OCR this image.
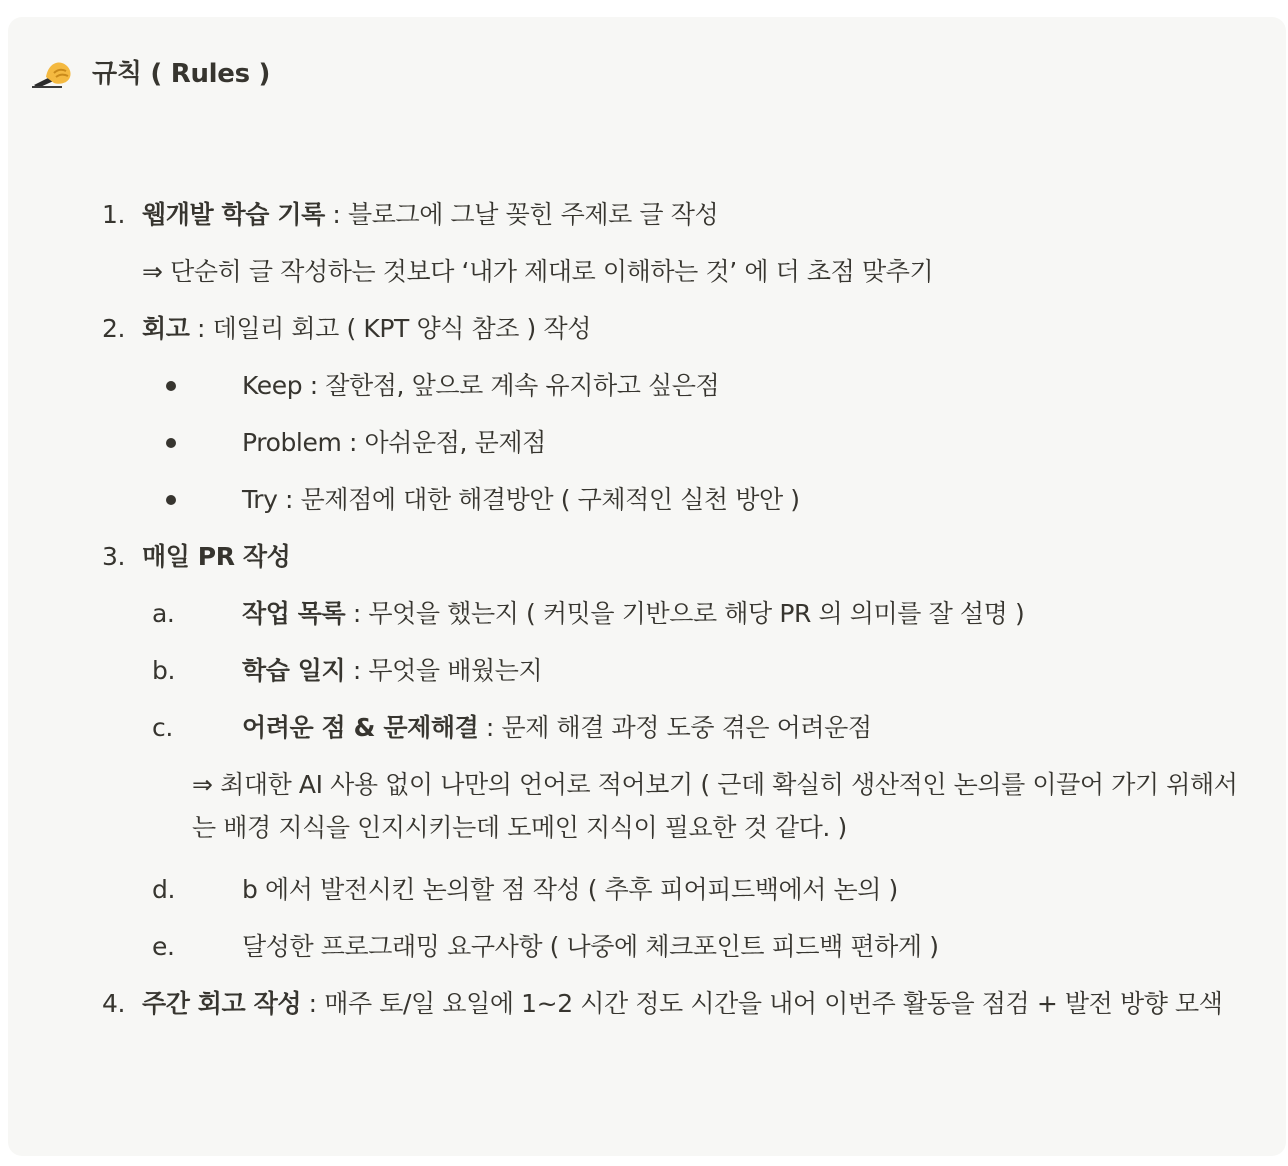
규칙 ( Rules )
1. 웹개발 학습 기록 : 블로그에 그날 꽂힌 주제로 글 작성
⇒ 단순히 글 작성하는 것보다 ‘내가 제대로 이해하는 것’ 에 더 초점 맞추기
2. 회고 : 데일리 회고 ( KPT 양식 참조 ) 작성
Keep : 잘한점, 앞으로 계속 유지하고 싶은점
Problem : 아쉬운점, 문제점
Try : 문제점에 대한 해결방안 ( 구체적인 실천 방안 )
3. 매일 PR 작성
a.	작업 목록 : 무엇을 했는지 ( 커밋을 기반으로 해당 PR 의 의미를 잘 설명 )
b.	학습 일지 : 무엇을 배웠는지
c.	어려운 점 & 문제해결 : 문제 해결 과정 도중 겪은 어려운점
⇒ 최대한 AI 사용 없이 나만의 언어로 적어보기 ( 근데 확실히 생산적인 논의를 이끌어 가기 위해서는 배경 지식을 인지시키는데 도메인 지식이 필요한 것 같다. )
d.	b 에서 발전시킨 논의할 점 작성 ( 추후 피어피드백에서 논의 )
e.	달성한 프로그래밍 요구사항 ( 나중에 체크포인트 피드백 편하게 )
4. 주간 회고 작성 : 매주 토/일 요일에 1~2 시간 정도 시간을 내어 이번주 활동을 점검 + 발전 방향 모색
